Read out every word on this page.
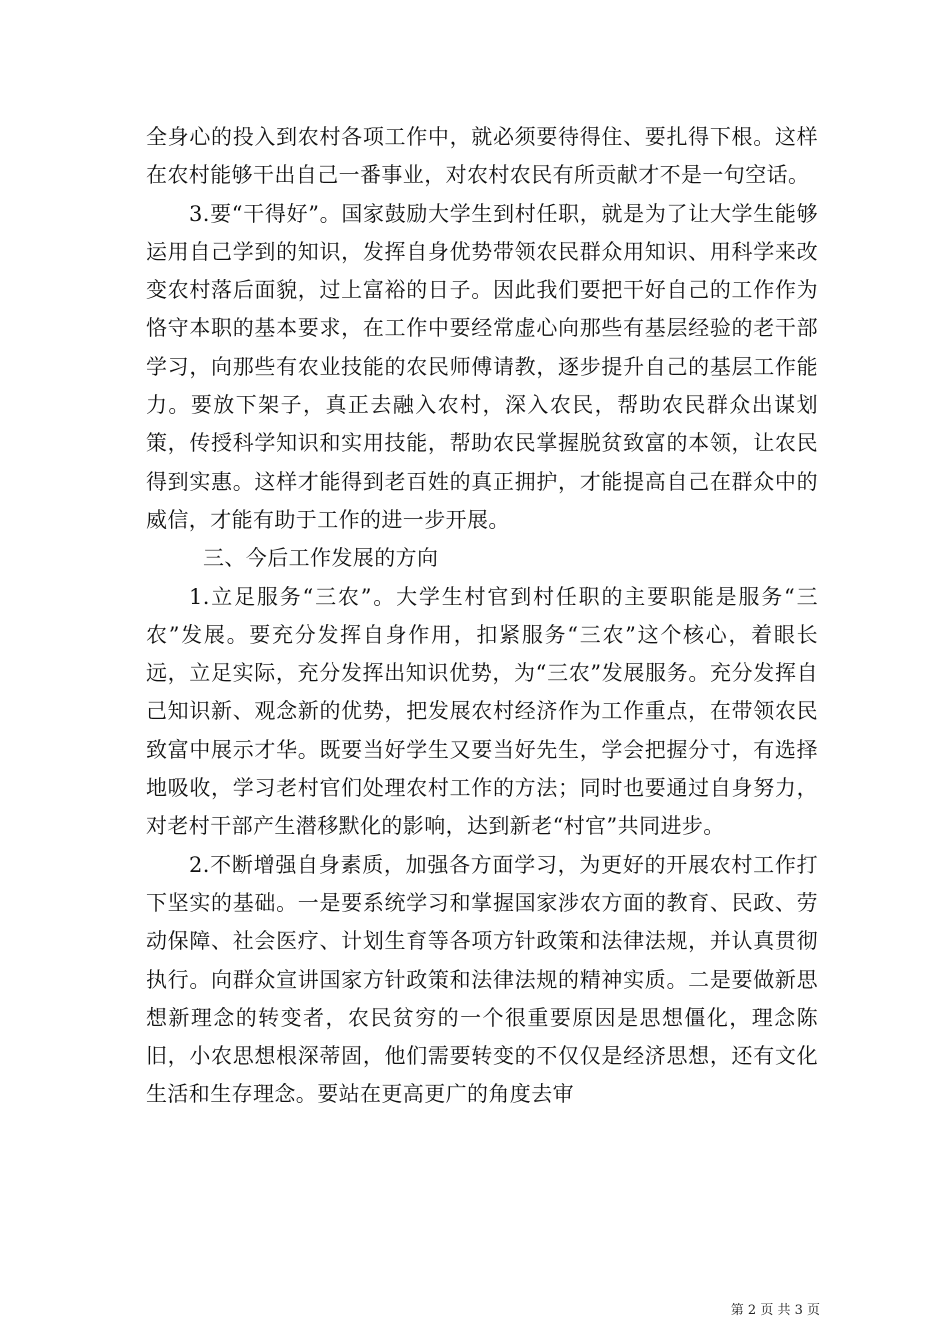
全身心的投入到农村各项工作中，就必须要待得住、要扎得下根。这样在农村能够干出自己一番事业，对农村农民有所贡献才不是一句空话。

3.要“干得好”。国家鼓励大学生到村任职，就是为了让大学生能够运用自己学到的知识，发挥自身优势带领农民群众用知识、用科学来改变农村落后面貌，过上富裕的日子。因此我们要把干好自己的工作作为恪守本职的基本要求，在工作中要经常虚心向那些有基层经验的老干部学习，向那些有农业技能的农民师傅请教，逐步提升自己的基层工作能力。要放下架子，真正去融入农村，深入农民，帮助农民群众出谋划策，传授科学知识和实用技能，帮助农民掌握脱贫致富的本领，让农民得到实惠。这样才能得到老百姓的真正拥护，才能提高自己在群众中的威信，才能有助于工作的进一步开展。

三、今后工作发展的方向

1.立足服务“三农”。大学生村官到村任职的主要职能是服务“三农”发展。要充分发挥自身作用，扣紧服务“三农”这个核心，着眼长远，立足实际，充分发挥出知识优势，为“三农”发展服务。充分发挥自己知识新、观念新的优势，把发展农村经济作为工作重点，在带领农民致富中展示才华。既要当好学生又要当好先生，学会把握分寸，有选择地吸收，学习老村官们处理农村工作的方法；同时也要通过自身努力，对老村干部产生潜移默化的影响，达到新老“村官”共同进步。

2.不断增强自身素质，加强各方面学习，为更好的开展农村工作打下坚实的基础。一是要系统学习和掌握国家涉农方面的教育、民政、劳动保障、社会医疗、计划生育等各项方针政策和法律法规，并认真贯彻执行。向群众宣讲国家方针政策和法律法规的精神实质。二是要做新思想新理念的转变者，农民贫穷的一个很重要原因是思想僵化，理念陈旧，小农思想根深蒂固，他们需要转变的不仅仅是经济思想，还有文化生活和生存理念。要站在更高更广的角度去审

第 2 页 共 3 页
